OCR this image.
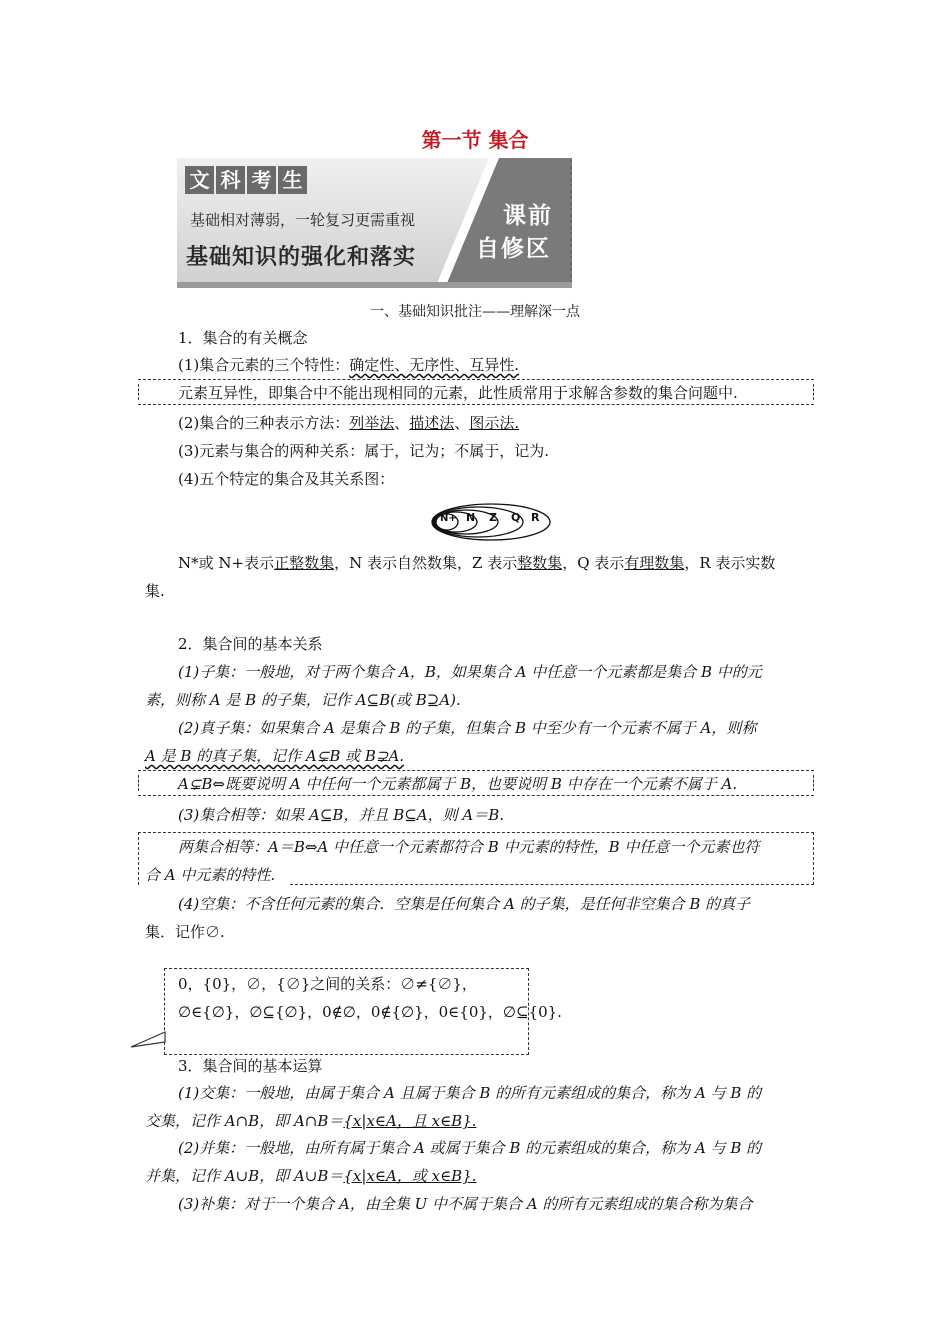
第一节 集合
文 科 考 生
基础相对薄弱，一轮复习更需重视
基础知识的强化和落实
课前
自修区
一、基础知识批注——理解深一点
1．集合的有关概念
(1)集合元素的三个特性：确定性、无序性、互异性.
元素互异性，即集合中不能出现相同的元素，此性质常用于求解含参数的集合问题中.
(2)集合的三种表示方法：列举法、描述法、图示法.
(3)元素与集合的两种关系：属于，记为；不属于，记为.
(4)五个特定的集合及其关系图：
N+ N Z Q R
N*或 N+表示正整数集，N 表示自然数集，Z 表示整数集，Q 表示有理数集，R 表示实数
集.
2．集合间的基本关系
(1)子集：一般地，对于两个集合 A，B，如果集合 A 中任意一个元素都是集合 B 中的元
素，则称 A 是 B 的子集，记作 A⊆B(或 B⊇A).
(2)真子集：如果集合 A 是集合 B 的子集，但集合 B 中至少有一个元素不属于 A，则称
A 是 B 的真子集，记作 A⊊B 或 B⊋A.
A⊊B⇔既要说明 A 中任何一个元素都属于 B，也要说明 B 中存在一个元素不属于 A.
(3)集合相等：如果 A⊆B，并且 B⊆A，则 A＝B.
两集合相等：A＝B⇔A 中任意一个元素都符合 B 中元素的特性，B 中任意一个元素也符
合 A 中元素的特性.
(4)空集：不含任何元素的集合．空集是任何集合 A 的子集，是任何非空集合 B 的真子
集．记作∅.
0，{0}，∅，{∅}之间的关系：∅≠{∅}，
∅∈{∅}，∅⊆{∅}，0∉∅，0∉{∅}，0∈{0}，∅⊆{0}.
3．集合间的基本运算
(1)交集：一般地，由属于集合 A 且属于集合 B 的所有元素组成的集合，称为 A 与 B 的
交集，记作 A∩B，即 A∩B＝{x|x∈A，且 x∈B}.
(2)并集：一般地，由所有属于集合 A 或属于集合 B 的元素组成的集合，称为 A 与 B 的
并集，记作 A∪B，即 A∪B＝{x|x∈A，或 x∈B}.
(3)补集：对于一个集合 A，由全集 U 中不属于集合 A 的所有元素组成的集合称为集合
